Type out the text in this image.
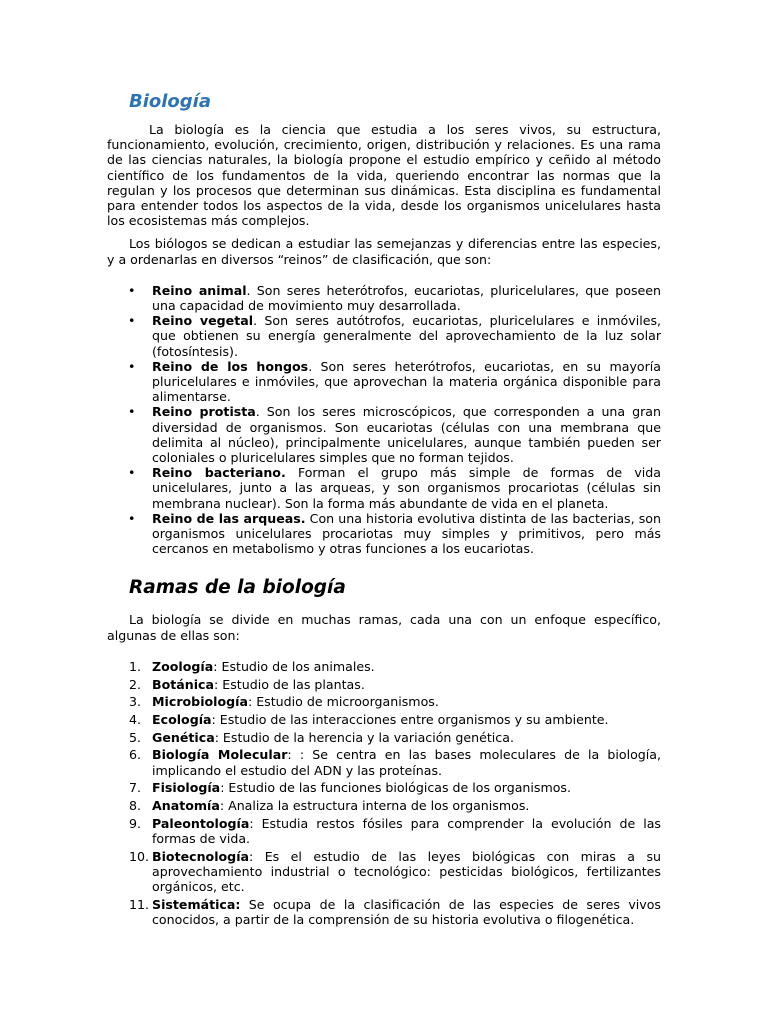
Biología

La biología es la ciencia que estudia a los seres vivos, su estructura, funcionamiento, evolución, crecimiento, origen, distribución y relaciones. Es una rama de las ciencias naturales, la biología propone el estudio empírico y ceñido al método científico de los fundamentos de la vida, queriendo encontrar las normas que la regulan y los procesos que determinan sus dinámicas. Esta disciplina es fundamental para entender todos los aspectos de la vida, desde los organismos unicelulares hasta los ecosistemas más complejos.

Los biólogos se dedican a estudiar las semejanzas y diferencias entre las especies, y a ordenarlas en diversos “reinos” de clasificación, que son:

• Reino animal. Son seres heterótrofos, eucariotas, pluricelulares, que poseen una capacidad de movimiento muy desarrollada.
• Reino vegetal. Son seres autótrofos, eucariotas, pluricelulares e inmóviles, que obtienen su energía generalmente del aprovechamiento de la luz solar (fotosíntesis).
• Reino de los hongos. Son seres heterótrofos, eucariotas, en su mayoría pluricelulares e inmóviles, que aprovechan la materia orgánica disponible para alimentarse.
• Reino protista. Son los seres microscópicos, que corresponden a una gran diversidad de organismos. Son eucariotas (células con una membrana que delimita al núcleo), principalmente unicelulares, aunque también pueden ser coloniales o pluricelulares simples que no forman tejidos.
• Reino bacteriano. Forman el grupo más simple de formas de vida unicelulares, junto a las arqueas, y son organismos procariotas (células sin membrana nuclear). Son la forma más abundante de vida en el planeta.
• Reino de las arqueas. Con una historia evolutiva distinta de las bacterias, son organismos unicelulares procariotas muy simples y primitivos, pero más cercanos en metabolismo y otras funciones a los eucariotas.
Ramas de la biología

La biología se divide en muchas ramas, cada una con un enfoque específico, algunas de ellas son:

1. Zoología: Estudio de los animales.
2. Botánica: Estudio de las plantas.
3. Microbiología: Estudio de microorganismos.
4. Ecología: Estudio de las interacciones entre organismos y su ambiente.
5. Genética: Estudio de la herencia y la variación genética.
6. Biología Molecular: : Se centra en las bases moleculares de la biología, implicando el estudio del ADN y las proteínas.
7. Fisiología: Estudio de las funciones biológicas de los organismos.
8. Anatomía: Analiza la estructura interna de los organismos.
9. Paleontología: Estudia restos fósiles para comprender la evolución de las formas de vida.
10. Biotecnología: Es el estudio de las leyes biológicas con miras a su aprovechamiento industrial o tecnológico: pesticidas biológicos, fertilizantes orgánicos, etc.
11. Sistemática: Se ocupa de la clasificación de las especies de seres vivos conocidos, a partir de la comprensión de su historia evolutiva o filogenética.
